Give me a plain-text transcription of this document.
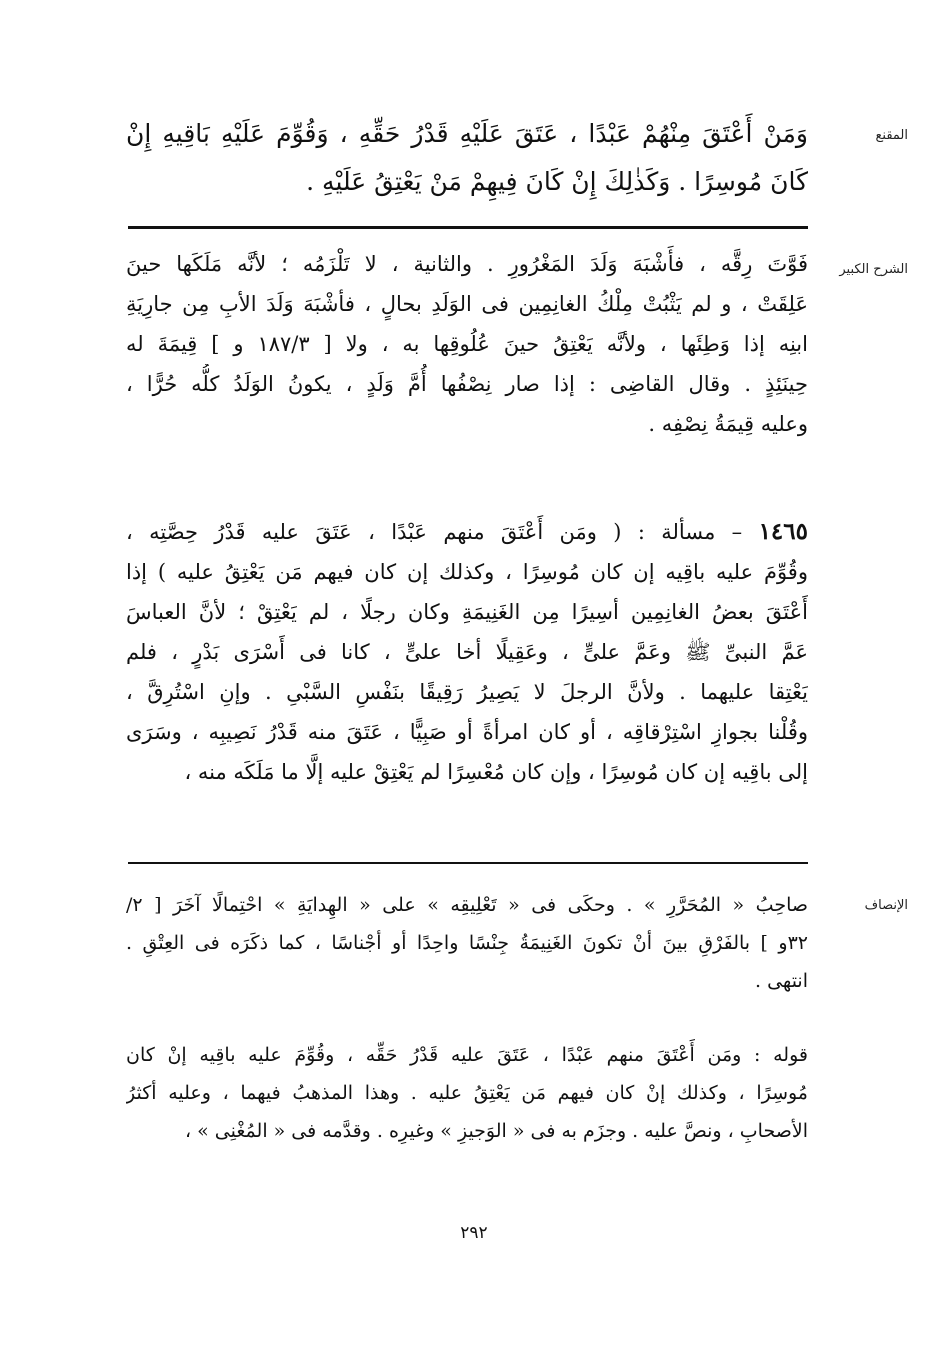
المقنع
وَمَنْ أَعْتَقَ مِنْهُمْ عَبْدًا ، عَتَقَ عَلَيْهِ قَدْرُ حَقِّهِ ، وَقُوِّمَ عَلَيْهِ بَاقِيهِ إِنْ
كَانَ مُوسِرًا . وَكَذٰلِكَ إِنْ كَانَ فِيهِمْ مَنْ يَعْتِقُ عَلَيْهِ .
الشرح الكبير
فَوَّتَ رِقَّه ، فأَشْبَهَ وَلَدَ المَغْرُورِ . والثانية ، لا تَلْزَمُه ؛ لأنَّه مَلَكَها حينَ
عَلِقَتْ ، و لم يَثْبُتْ مِلْكُ الغانِمِين فى الوَلَدِ بحالٍ ، فأشْبَهَ وَلَدَ الأبِ مِن جارِيَةِ
ابنِه إذا وَطِئَها ، ولأنَّه يَعْتِقُ حينَ عُلُوقِها به ، ولا [ ١٨٧/٣ و ] قِيمَةَ له
حِينَئِذٍ . وقال القاضِى : إذا صار نِصْفُها أُمَّ وَلَدٍ ، يكونُ الوَلَدُ كلُّه حُرًّا ،
وعليه قِيمَةُ نِصْفِه .
١٤٦٥ – مسألة : ( ومَن أَعْتَقَ منهم عَبْدًا ، عَتَقَ عليه قَدْرُ حِصَّتِه ،
وقُوِّمَ عليه باقِيه إن كان مُوسِرًا ، وكذلك إن كان فيهم مَن يَعْتِقُ عليه ) إذا
أَعْتَقَ بعضُ الغانِمِين أسِيرًا مِن الغَنِيمَةِ وكان رجلًا ، لم يَعْتِقْ ؛ لأنَّ العباسَ
عَمَّ النبىِّ ﷺ وعَمَّ علىٍّ ، وعَقِيلًا أخا علىٍّ ، كانا فى أَسْرَى بَدْرٍ ، فلم
يَعْتِقا عليهما . ولأنَّ الرجلَ لا يَصِيرُ رَقِيقًا بنَفْسِ السَّبْىِ . وإنِ اسْتُرِقَّ ،
وقُلْنا بجوازِ اسْتِرْقاقِه ، أو كان امرأةً أو صَبِيًّا ، عَتَقَ منه قَدْرُ نَصِيبِه ، وسَرَى
إلى باقِيه إن كان مُوسِرًا ، وإن كان مُعْسِرًا لم يَعْتِقْ عليه إلَّا ما مَلَكَه منه ،
الإنصاف
صاحِبُ « المُحَرَّرِ » . وحكَى فى « تَعْلِيقِه » على « الهِدايَةِ » احْتِمالًا آخَرَ [ ٢/
٣٢و ] بالفَرْقِ بينَ أنْ تكونَ الغَنِيمَةُ جِنْسًا واحِدًا أو أجْناسًا ، كما ذكَرَه فى العِتْقِ .
انتهى .
قوله : ومَن أَعْتَقَ منهم عَبْدًا ، عَتَقَ عليه قَدْرُ حَقِّه ، وقُوِّمَ عليه باقِيه إنْ كان
مُوسِرًا ، وكذلك إنْ كان فيهم مَن يَعْتِقُ عليه . وهذا المذهبُ فيهما ، وعليه أكثرُ
الأصحابِ ، ونصَّ عليه . وجزَم به فى « الوَجيزِ » وغيرِه . وقدَّمه فى « المُغْنِى » ،
٢٩٢
